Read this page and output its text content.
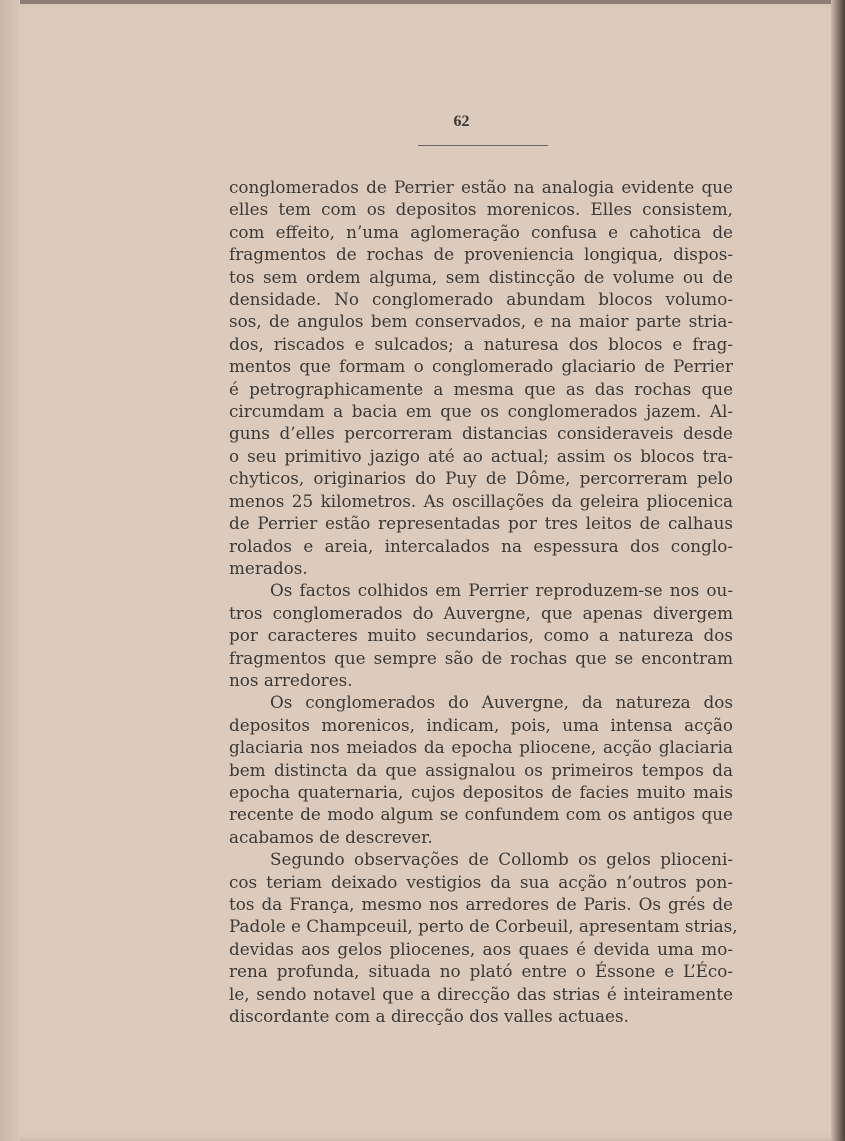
62

conglomerados de Perrier estão na analogia evidente que
elles tem com os depositos morenicos. Elles consistem,
com effeito, n’uma aglomeração confusa e cahotica de
fragmentos de rochas de proveniencia longiqua, dispos-
tos sem ordem alguma, sem distincção de volume ou de
densidade. No conglomerado abundam blocos volumo-
sos, de angulos bem conservados, e na maior parte stria-
dos, riscados e sulcados; a naturesa dos blocos e frag-
mentos que formam o conglomerado glaciario de Perrier
é petrographicamente a mesma que as das rochas que
circumdam a bacia em que os conglomerados jazem. Al-
guns d’elles percorreram distancias consideraveis desde
o seu primitivo jazigo até ao actual; assim os blocos tra-
chyticos, originarios do Puy de Dôme, percorreram pelo
menos 25 kilometros. As oscillações da geleira pliocenica
de Perrier estão representadas por tres leitos de calhaus
rolados e areia, intercalados na espessura dos conglo-
merados.

Os factos colhidos em Perrier reproduzem-se nos ou-
tros conglomerados do Auvergne, que apenas divergem
por caracteres muito secundarios, como a natureza dos
fragmentos que sempre são de rochas que se encontram
nos arredores.

Os conglomerados do Auvergne, da natureza dos
depositos morenicos, indicam, pois, uma intensa acção
glaciaria nos meiados da epocha pliocene, acção glaciaria
bem distincta da que assignalou os primeiros tempos da
epocha quaternaria, cujos depositos de facies muito mais
recente de modo algum se confundem com os antigos que
acabamos de descrever.

Segundo observações de Collomb os gelos plioceni-
cos teriam deixado vestigios da sua acção n’outros pon-
tos da França, mesmo nos arredores de Paris. Os grés de
Padole e Champceuil, perto de Corbeuil, apresentam strias,
devidas aos gelos pliocenes, aos quaes é devida uma mo-
rena profunda, situada no plató entre o Éssone e L’Éco-
le, sendo notavel que a direcção das strias é inteiramente
discordante com a direcção dos valles actuaes.
